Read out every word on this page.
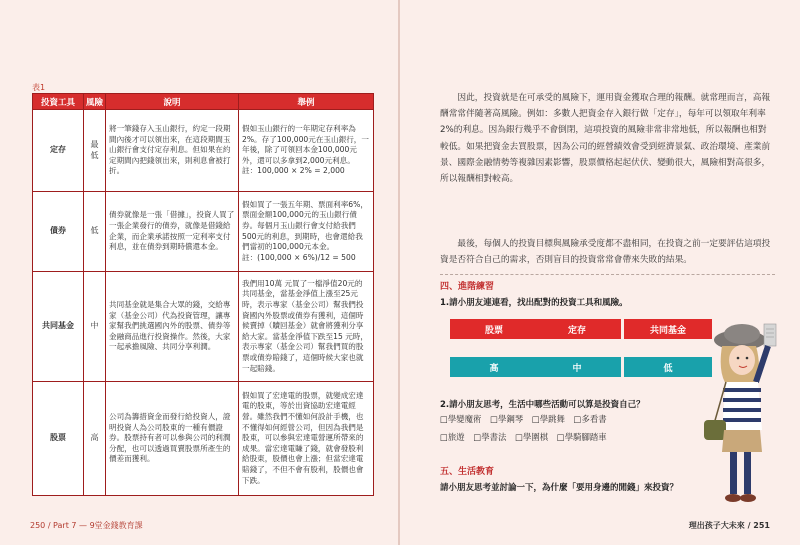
表1
投資工具	風險	說明	舉例
定存	最低	將一筆錢存入玉山銀行，約定一段期間內後才可以領出來，在這段期間玉山銀行會支付定存利息。但如果在約定期間內把錢領出來，則利息會被打折。	假如玉山銀行的一年期定存利率為2%。存了100,000元在玉山銀行，一年後，除了可領回本金100,000元外，還可以多拿到2,000元利息。
註：100,000 × 2% = 2,000
債券	低	債券就像是一張「借據」，投資人買了一張企業發行的債券，就像是借錢給企業，而企業承諾按照一定利率支付利息，並在債券到期時償還本金。	假如買了一張五年期、票面利率6%，票面金額100,000元的玉山銀行債券。每個月玉山銀行會支付給我們500元的利息，到期時，也會還給我們當初的100,000元本金。
註：(100,000 × 6%)/12 = 500
共同基金	中	共同基金就是集合大眾的錢，交給專家（基金公司）代為投資管理，讓專家幫我們挑選國內外的股票、債券等金融商品進行投資操作。然後，大家一起承擔風險、共同分享利潤。	我們用10萬 元買了一檔淨值20元的共同基金，當基金淨值上漲至25元時，表示專家（基金公司）幫我們投資國內外股票或債券有獲利，這個時候賣掉（贖回基金）就會將獲利分享給大家。當基金淨值下跌至15 元時，表示專家（基金公司）幫我們買的股票或債券賠錢了，這個時候大家也就一起賠錢。
股票	高	公司為籌措資金而發行給投資人，證明投資人為公司股東的一種有價證券。股票持有者可以參與公司的利潤分配，也可以透過買賣股票所產生的價差而獲利。	假如買了宏達電的股票，就變成宏達電的股東，等於出資協助宏達電經營。雖然我們不懂如何設計手機，也不懂得如何經營公司，但因為我們是股東，可以參與宏達電營運所帶來的成果。當宏達電賺了錢，就會發股利給股東，股價也會上漲；但當宏達電賠錢了，不但不會有股利，股價也會下跌。
250 / Part 7 — 9堂金錢教育課
因此，投資就是在可承受的風險下，運用資金獲取合理的報酬。就常理而言，高報酬常常伴隨著高風險。例如：多數人把資金存入銀行做「定存」，每年可以領取年利率2%的利息。因為銀行幾乎不會倒閉，這項投資的風險非常非常地低，所以報酬也相對較低。如果把資金去買股票，因為公司的經營績效會受到經濟景氣、政治環境、產業前景、國際金融情勢等複雜因素影響，股票價格起起伏伏、變動很大，風險相對高很多，所以報酬相對較高。
最後，每個人的投資目標與風險承受度都不盡相同，在投資之前一定要評估這項投資是否符合自己的需求，否則盲目的投資常常會帶來失敗的結果。
四、進階練習
1.請小朋友連連看，找出配對的投資工具和風險。
股票	定存	共同基金
高	中	低
2.請小朋友思考，生活中哪些活動可以算是投資自己？
□學變魔術 □學鋼琴 □學跳舞 □多看書
□旅遊 □學書法 □學圍棋 □學騎腳踏車
五、生活教育
請小朋友思考並討論一下，為什麼「要用身邊的閒錢」來投資？
理出孩子大未來 / 251
